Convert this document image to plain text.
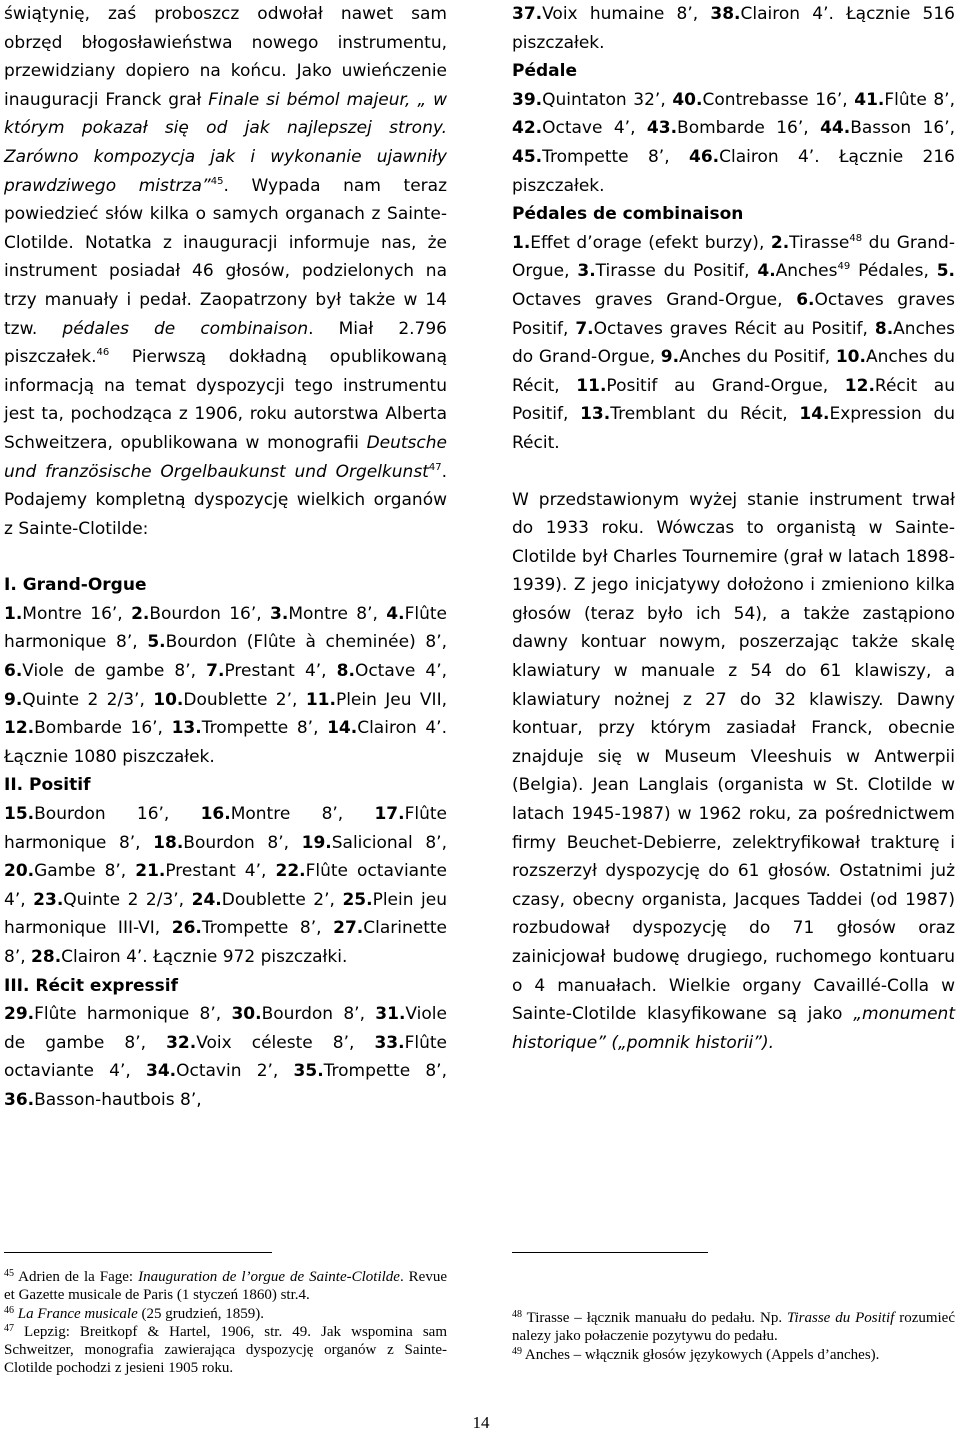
świątynię, zaś proboszcz odwołał nawet sam obrzęd błogosławieństwa nowego instrumentu, przewidziany dopiero na końcu. Jako uwieńczenie inauguracji Franck grał Finale si bémol majeur, „ w którym pokazał się od jak najlepszej strony. Zarówno kompozycja jak i wykonanie ujawniły prawdziwego mistrza”$^{45}$. Wypada nam teraz powiedzieć słów kilka o samych organach z Sainte-Clotilde. Notatka z inauguracji informuje nas, że instrument posiadał 46 głosów, podzielonych na trzy manuały i pedał. Zaopatrzony był także w 14 tzw. pédales de combinaison. Miał 2.796 piszczałek.$^{46}$ Pierwszą dokładną opublikowaną informacją na temat dyspozycji tego instrumentu jest ta, pochodząca z 1906, roku autorstwa Alberta Schweitzera, opublikowana w monografii Deutsche und französische Orgelbaukunst und Orgelkunst$^{47}$. Podajemy kompletną dyspozycję wielkich organów z Sainte-Clotilde:

I. Grand-Orgue

1.Montre 16’, 2.Bourdon 16’, 3.Montre 8’, 4.Flûte harmonique 8’, 5.Bourdon (Flûte à cheminée) 8’, 6.Viole de gambe 8’, 7.Prestant 4’, 8.Octave 4’, 9.Quinte 2 2/3’, 10.Doublette 2’, 11.Plein Jeu VII, 12.Bombarde 16’, 13.Trompette 8’, 14.Clairon 4’. Łącznie 1080 piszczałek.

II. Positif

15.Bourdon 16’, 16.Montre 8’, 17.Flûte harmonique 8’, 18.Bourdon 8’, 19.Salicional 8’, 20.Gambe 8’, 21.Prestant 4’, 22.Flûte octaviante 4’, 23.Quinte 2 2/3’, 24.Doublette 2’, 25.Plein jeu harmonique III-VI, 26.Trompette 8’, 27.Clarinette 8’, 28.Clairon 4’. Łącznie 972 piszczałki.

III. Récit expressif

29.Flûte harmonique 8’, 30.Bourdon 8’, 31.Viole de gambe 8’, 32.Voix céleste 8’, 33.Flûte octaviante 4’, 34.Octavin 2’, 35.Trompette 8’, 36.Basson-hautbois 8’,

37.Voix humaine 8’, 38.Clairon 4’. Łącznie 516 piszczałek.

Pédale

39.Quintaton 32’, 40.Contrebasse 16’, 41.Flûte 8’, 42.Octave 4’, 43.Bombarde 16’, 44.Basson 16’, 45.Trompette 8’, 46.Clairon 4’. Łącznie 216 piszczałek.

Pédales de combinaison

1.Effet d’orage (efekt burzy), 2.Tirasse$^{48}$ du Grand-Orgue, 3.Tirasse du Positif, 4.Anches$^{49}$ Pédales, 5. Octaves graves Grand-Orgue, 6.Octaves graves Positif, 7.Octaves graves Récit au Positif, 8.Anches do Grand-Orgue, 9.Anches du Positif, 10.Anches du Récit, 11.Positif au Grand-Orgue, 12.Récit au Positif, 13.Tremblant du Récit, 14.Expression du Récit.

W przedstawionym wyżej stanie instrument trwał do 1933 roku. Wówczas to organistą w Sainte-Clotilde był Charles Tournemire (grał w latach 1898-1939). Z jego inicjatywy dołożono i zmieniono kilka głosów (teraz było ich 54), a także zastąpiono dawny kontuar nowym, poszerzając także skalę klawiatury w manuale z 54 do 61 klawiszy, a klawiatury nożnej z 27 do 32 klawiszy. Dawny kontuar, przy którym zasiadał Franck, obecnie znajduje się w Museum Vleeshuis w Antwerpii (Belgia). Jean Langlais (organista w St. Clotilde w latach 1945-1987) w 1962 roku, za pośrednictwem firmy Beuchet-Debierre, zelektryfikował trakturę i rozszerzył dyspozycję do 61 głosów. Ostatnimi już czasy, obecny organista, Jacques Taddei (od 1987) rozbudował dyspozycję do 71 głosów oraz zainicjował budowę drugiego, ruchomego kontuaru o 4 manuałach. Wielkie organy Cavaillé-Colla w Sainte-Clotilde klasyfikowane są jako „monument historique” („pomnik historii”).

$^{45}$ Adrien de la Fage: Inauguration de l’orgue de Sainte-Clotilde. Revue et Gazette musicale de Paris (1 styczeń 1860) str.4.

$^{46}$ La France musicale (25 grudzień, 1859).

$^{47}$ Lepzig: Breitkopf & Hartel, 1906, str. 49. Jak wspomina sam Schweitzer, monografia zawierająca dyspozycję organów z Sainte-Clotilde pochodzi z jesieni 1905 roku.

$^{48}$ Tirasse – łącznik manuału do pedału. Np. Tirasse du Positif rozumieć nalezy jako połaczenie pozytywu do pedału.

$^{49}$ Anches – włącznik głosów językowych (Appels d’anches).

14
